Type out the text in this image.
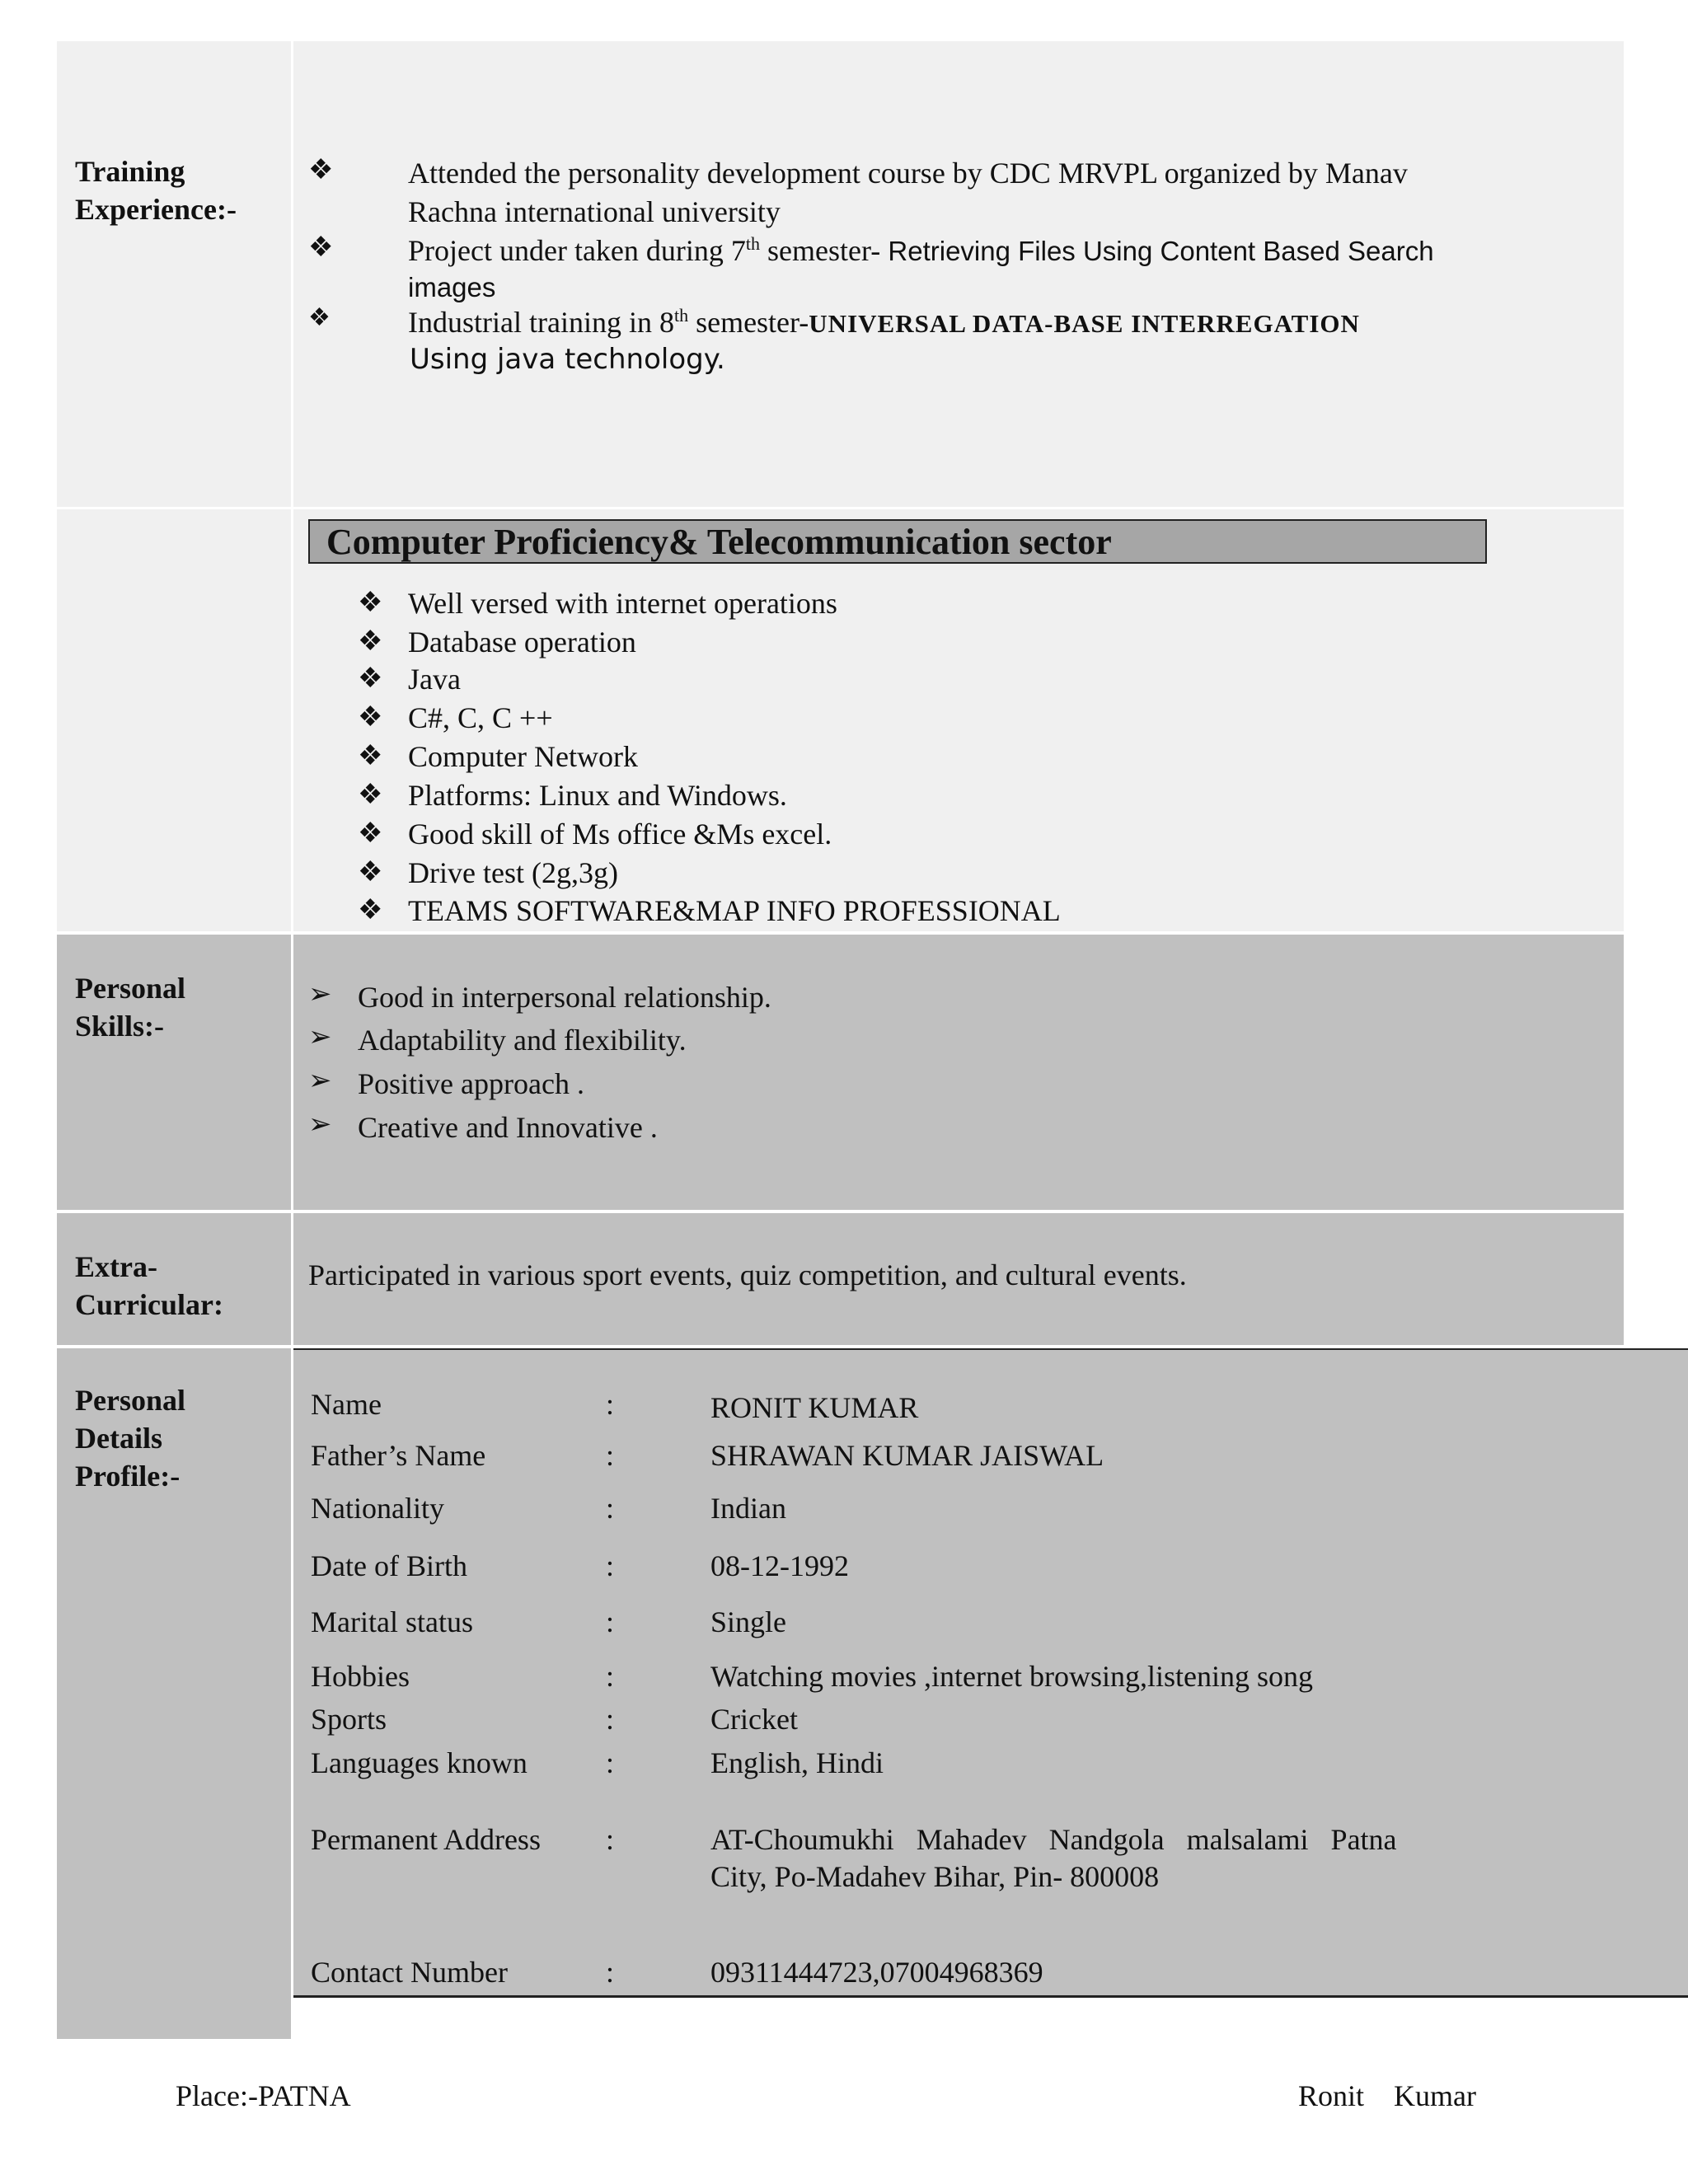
Training Experience:-
❖	Attended the personality development course by CDC MRVPL organized by Manav
Rachna international university
❖	Project under taken during 7th semester- Retrieving Files Using Content Based Search
images
❖	Industrial training in 8th semester-UNIVERSAL DATA-BASE INTERREGATION
Using java technology.
Computer Proficiency& Telecommunication sector
❖ Well versed with internet operations
❖ Database operation
❖ Java
❖ C#, C, C ++
❖ Computer Network
❖ Platforms: Linux and Windows.
❖ Good skill of Ms office &Ms excel.
❖ Drive test (2g,3g)
❖ TEAMS SOFTWARE&MAP INFO PROFESSIONAL
Personal Skills:-
➢ Good in interpersonal relationship.
➢ Adaptability and flexibility.
➢ Positive approach .
➢ Creative and Innovative .
Extra-Curricular:
Participated in various sport events, quiz competition, and cultural events.
Personal Details Profile:-
Name	:	RONIT KUMAR
Father’s Name	:	SHRAWAN KUMAR JAISWAL
Nationality	:	Indian
Date of Birth	:	08-12-1992
Marital status	:	Single
Hobbies	:	Watching movies ,internet browsing,listening song
Sports	:	Cricket
Languages known	:	English, Hindi
Permanent Address :	AT-Choumukhi Mahadev Nandgola malsalami Patna
City, Po-Madahev Bihar, Pin- 800008
Contact Number	:	09311444723,07004968369
Place:-PATNA	Ronit    Kumar
